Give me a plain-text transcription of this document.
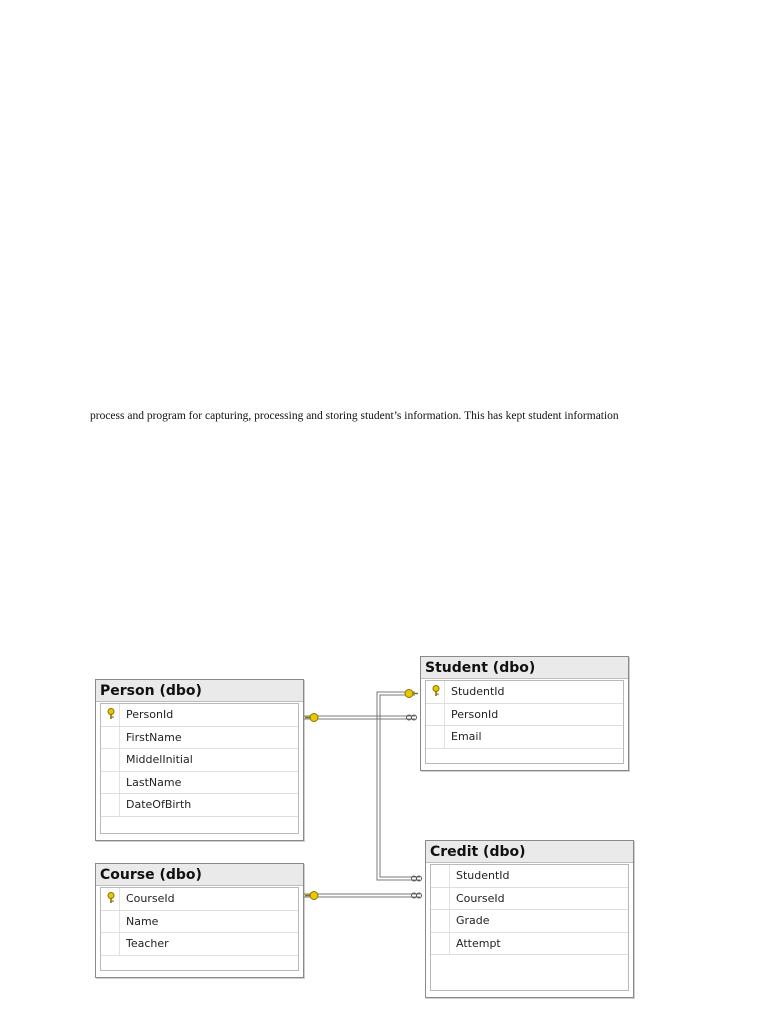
process and program for capturing, processing and storing student’s information. This has kept student information
Person (dbo)
PersonId
FirstName
MiddelInitial
LastName
DateOfBirth
Course (dbo)
CourseId
Name
Teacher
Student (dbo)
StudentId
PersonId
Email
Credit (dbo)
StudentId
CourseId
Grade
Attempt
